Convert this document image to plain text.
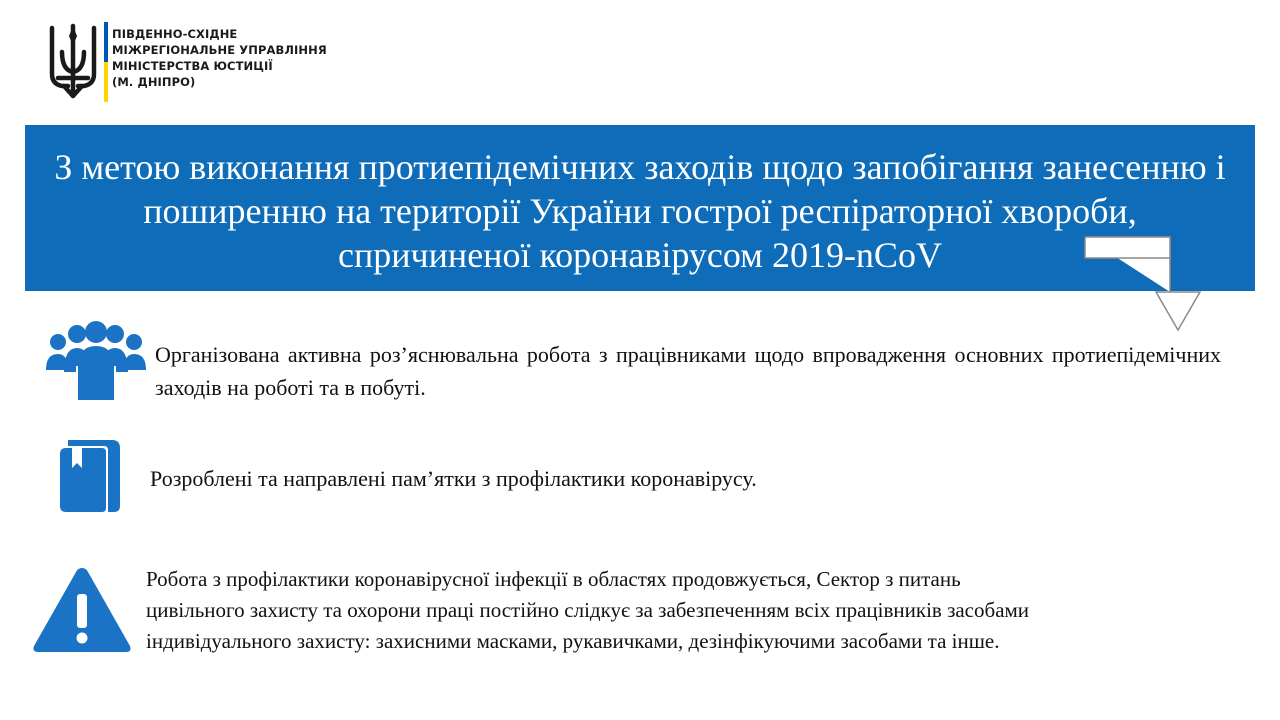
ПІВДЕННО-СХІДНЕ
МІЖРЕГІОНАЛЬНЕ УПРАВЛІННЯ
МІНІСТЕРСТВА ЮСТИЦІЇ
(М. ДНІПРО)
З метою виконання протиепідемічних заходів щодо запобігання занесенню і поширенню на території України гострої респіраторної хвороби, спричиненої коронавірусом 2019-nCoV
Організована активна роз’яснювальна робота з працівниками щодо впровадження основних протиепідемічних заходів на роботі та в побуті.
Розроблені та направлені пам’ятки з профілактики коронавірусу.
Робота з профілактики коронавірусної інфекції в областях продовжується, Сектор з питань
цивільного захисту та охорони праці постійно слідкує за забезпеченням всіх працівників засобами
індивідуального захисту: захисними масками, рукавичками, дезінфікуючими засобами та інше.
